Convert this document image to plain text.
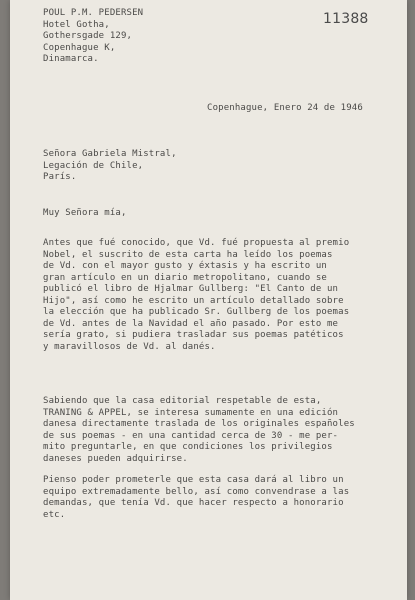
11388
POUL P.M. PEDERSEN
Hotel Gotha,
Gothersgade 129,
Copenhague K,
Dinamarca.
Copenhague, Enero 24 de 1946
Señora Gabriela Mistral,
Legación de Chile,
París.
Muy Señora mía,
Antes que fué conocido, que Vd. fué propuesta al premio
Nobel, el suscrito de esta carta ha leído los poemas
de Vd. con el mayor gusto y éxtasis y ha escrito un
gran artículo en un diario metropolitano, cuando se
publicó el libro de Hjalmar Gullberg: "El Canto de un
Hijo", así como he escrito un artículo detallado sobre
la elección que ha publicado Sr. Gullberg de los poemas
de Vd. antes de la Navidad el año pasado. Por esto me
sería grato, si pudiera trasladar sus poemas patéticos
y maravillosos de Vd. al danés.
Sabiendo que la casa editorial respetable de esta,
TRANING & APPEL, se interesa sumamente en una edición
danesa directamente traslada de los originales españoles
de sus poemas - en una cantidad cerca de 30 - me per-
mito preguntarle, en que condiciones los privilegios
daneses pueden adquirirse.
Pienso poder prometerle que esta casa dará al libro un
equipo extremadamente bello, así como convendrase a las
demandas, que tenía Vd. que hacer respecto a honorario
etc.
